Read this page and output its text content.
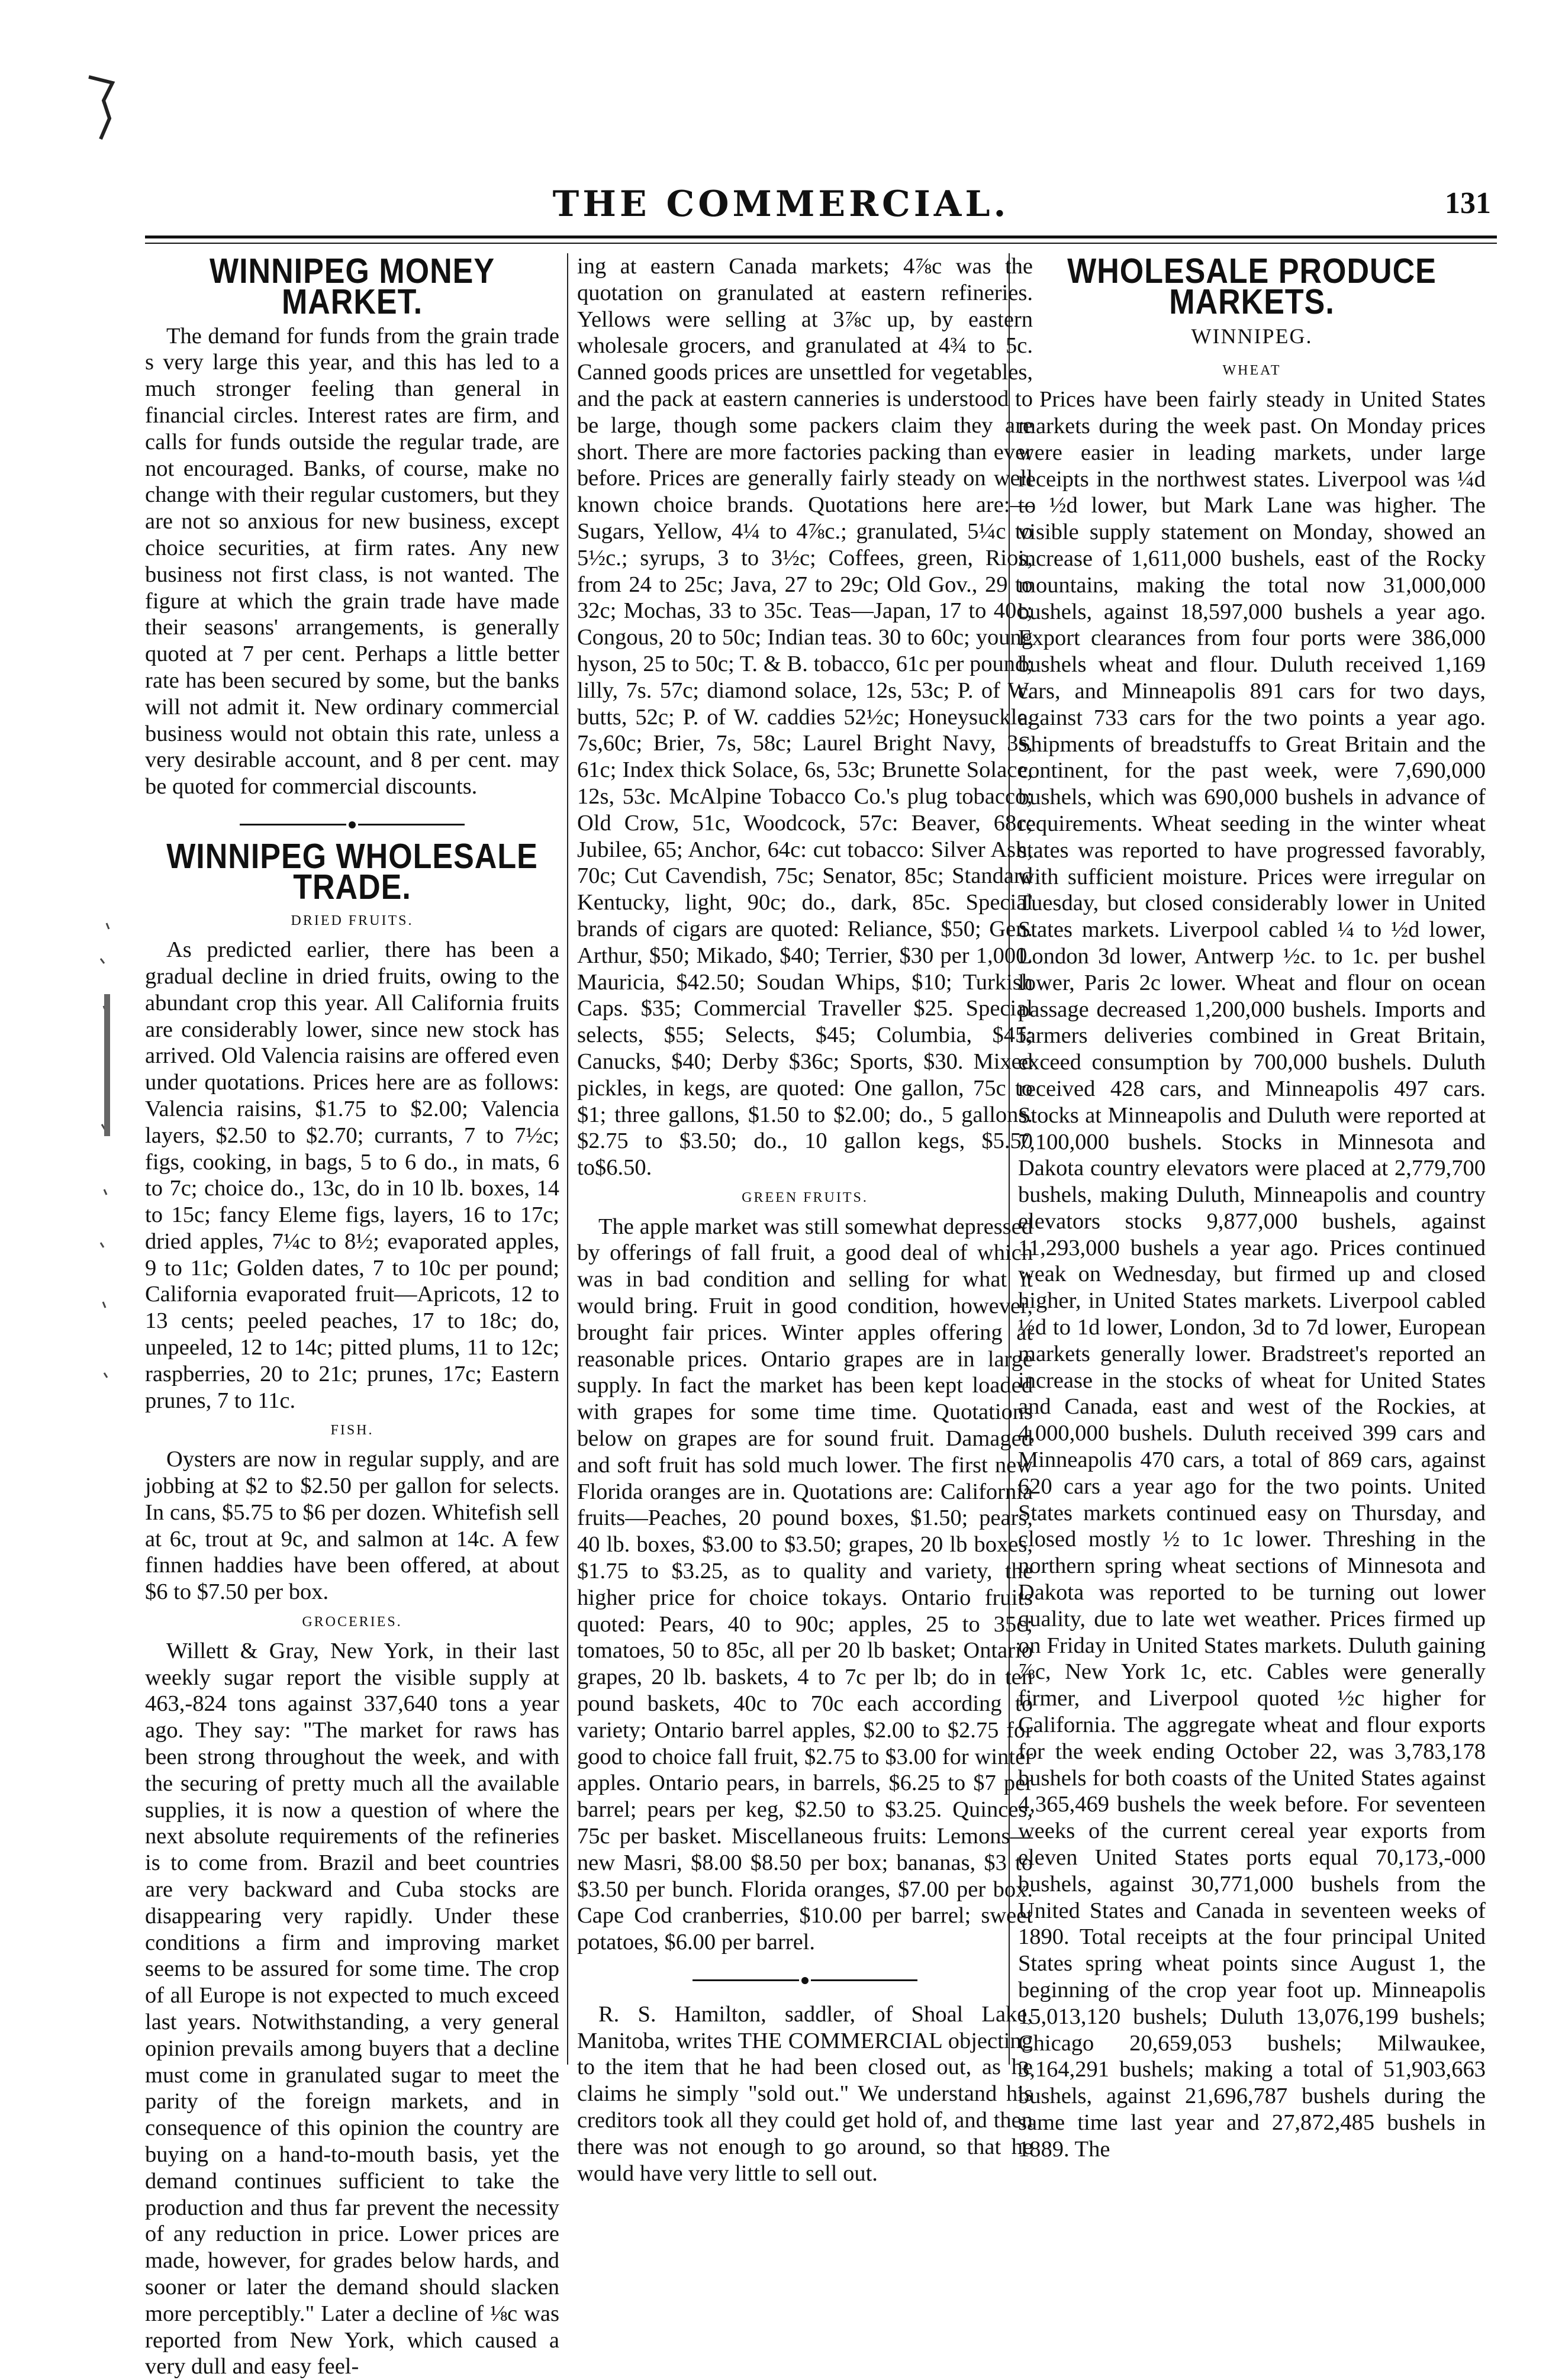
THE COMMERCIAL.	131
WINNIPEG MONEY MARKET.

The demand for funds from the grain trade s very large this year, and this has led to a much stronger feeling than general in financial circles. Interest rates are firm, and calls for funds outside the regular trade, are not encouraged. Banks, of course, make no change with their regular customers, but they are not so anxious for new business, except choice securities, at firm rates. Any new business not first class, is not wanted. The figure at which the grain trade have made their seasons' arrangements, is generally quoted at 7 per cent. Perhaps a little better rate has been secured by some, but the banks will not admit it. New ordinary commercial business would not obtain this rate, unless a very desirable account, and 8 per cent. may be quoted for commercial discounts.

WINNIPEG WHOLESALE TRADE.
DRIED FRUITS.

As predicted earlier, there has been a gradual decline in dried fruits, owing to the abundant crop this year. All California fruits are considerably lower, since new stock has arrived. Old Valencia raisins are offered even under quotations. Prices here are as follows: Valencia raisins, $1.75 to $2.00; Valencia layers, $2.50 to $2.70; currants, 7 to 7½c; figs, cooking, in bags, 5 to 6 do., in mats, 6 to 7c; choice do., 13c, do in 10 lb. boxes, 14 to 15c; fancy Eleme figs, layers, 16 to 17c; dried apples, 7¼c to 8½; evaporated apples, 9 to 11c; Golden dates, 7 to 10c per pound; California evaporated fruit—Apricots, 12 to 13 cents; peeled peaches, 17 to 18c; do, unpeeled, 12 to 14c; pitted plums, 11 to 12c; raspberries, 20 to 21c; prunes, 17c; Eastern prunes, 7 to 11c.

FISH.

Oysters are now in regular supply, and are jobbing at $2 to $2.50 per gallon for selects. In cans, $5.75 to $6 per dozen. Whitefish sell at 6c, trout at 9c, and salmon at 14c. A few finnen haddies have been offered, at about $6 to $7.50 per box.

GROCERIES.

Willett & Gray, New York, in their last weekly sugar report the visible supply at 463,-824 tons against 337,640 tons a year ago. They say: "The market for raws has been strong throughout the week, and with the securing of pretty much all the available supplies, it is now a question of where the next absolute requirements of the refineries is to come from. Brazil and beet countries are very backward and Cuba stocks are disappearing very rapidly. Under these conditions a firm and improving market seems to be assured for some time. The crop of all Europe is not expected to much exceed last years. Notwithstanding, a very general opinion prevails among buyers that a decline must come in granulated sugar to meet the parity of the foreign markets, and in consequence of this opinion the country are buying on a hand-to-mouth basis, yet the demand continues sufficient to take the production and thus far prevent the necessity of any reduction in price. Lower prices are made, however, for grades below hards, and sooner or later the demand should slacken more perceptibly." Later a decline of ⅛c was reported from New York, which caused a very dull and easy feel-

ing at eastern Canada markets; 4⅞c was the quotation on granulated at eastern refineries. Yellows were selling at 3⅞c up, by eastern wholesale grocers, and granulated at 4¾ to 5c. Canned goods prices are unsettled for vegetables, and the pack at eastern canneries is understood to be large, though some packers claim they are short. There are more factories packing than ever before. Prices are generally fairly steady on well known choice brands. Quotations here are:— Sugars, Yellow, 4¼ to 4⅞c.; granulated, 5¼c to 5½c.; syrups, 3 to 3½c; Coffees, green, Rios, from 24 to 25c; Java, 27 to 29c; Old Gov., 29 to 32c; Mochas, 33 to 35c. Teas—Japan, 17 to 40c; Congous, 20 to 50c; Indian teas. 30 to 60c; young hyson, 25 to 50c; T. & B. tobacco, 61c per pound; lilly, 7s. 57c; diamond solace, 12s, 53c; P. of W. butts, 52c; P. of W. caddies 52½c; Honeysuckle, 7s,60c; Brier, 7s, 58c; Laurel Bright Navy, 3s, 61c; Index thick Solace, 6s, 53c; Brunette Solace, 12s, 53c. McAlpine Tobacco Co.'s plug tobacco; Old Crow, 51c, Woodcock, 57c: Beaver, 68c; Jubilee, 65; Anchor, 64c: cut tobacco: Silver Ash, 70c; Cut Cavendish, 75c; Senator, 85c; Standard Kentucky, light, 90c; do., dark, 85c. Special brands of cigars are quoted: Reliance, $50; Gen. Arthur, $50; Mikado, $40; Terrier, $30 per 1,000. Mauricia, $42.50; Soudan Whips, $10; Turkish Caps. $35; Commercial Traveller $25. Special selects, $55; Selects, $45; Columbia, $45; Canucks, $40; Derby $36c; Sports, $30. Mixed pickles, in kegs, are quoted: One gallon, 75c to $1; three gallons, $1.50 to $2.00; do., 5 gallons. $2.75 to $3.50; do., 10 gallon kegs, $5.50 to$6.50.

GREEN FRUITS.

The apple market was still somewhat depressed by offerings of fall fruit, a good deal of which was in bad condition and selling for what it would bring. Fruit in good condition, however, brought fair prices. Winter apples offering at reasonable prices. Ontario grapes are in large supply. In fact the market has been kept loaded with grapes for some time time. Quotations below on grapes are for sound fruit. Damaged and soft fruit has sold much lower. The first new Florida oranges are in. Quotations are: California fruits—Peaches, 20 pound boxes, $1.50; pears, 40 lb. boxes, $3.00 to $3.50; grapes, 20 lb boxes, $1.75 to $3.25, as to quality and variety, the higher price for choice tokays. Ontario fruits quoted: Pears, 40 to 90c; apples, 25 to 35c; tomatoes, 50 to 85c, all per 20 lb basket; Ontario grapes, 20 lb. baskets, 4 to 7c per lb; do in ten pound baskets, 40c to 70c each according to variety; Ontario barrel apples, $2.00 to $2.75 for good to choice fall fruit, $2.75 to $3.00 for winter apples. Ontario pears, in barrels, $6.25 to $7 per barrel; pears per keg, $2.50 to $3.25. Quinces, 75c per basket. Miscellaneous fruits: Lemons—new Masri, $8.00 $8.50 per box; bananas, $3 to $3.50 per bunch. Florida oranges, $7.00 per box. Cape Cod cranberries, $10.00 per barrel; sweet potatoes, $6.00 per barrel.

R. S. Hamilton, saddler, of Shoal Lake, Manitoba, writes THE COMMERCIAL objecting to the item that he had been closed out, as he claims he simply "sold out." We understand his creditors took all they could get hold of, and then there was not enough to go around, so that he would have very little to sell out.

WHOLESALE PRODUCE MARKETS.
WINNIPEG.
WHEAT

Prices have been fairly steady in United States markets during the week past. On Monday prices were easier in leading markets, under large receipts in the northwest states. Liverpool was ¼d to ½d lower, but Mark Lane was higher. The visible supply statement on Monday, showed an increase of 1,611,000 bushels, east of the Rocky mountains, making the total now 31,000,000 bushels, against 18,597,000 bushels a year ago. Export clearances from four ports were 386,000 bushels wheat and flour. Duluth received 1,169 cars, and Minneapolis 891 cars for two days, against 733 cars for the two points a year ago. Shipments of breadstuffs to Great Britain and the continent, for the past week, were 7,690,000 bushels, which was 690,000 bushels in advance of requirements. Wheat seeding in the winter wheat states was reported to have progressed favorably, with sufficient moisture. Prices were irregular on Tuesday, but closed considerably lower in United States markets. Liverpool cabled ¼ to ½d lower, London 3d lower, Antwerp ½c. to 1c. per bushel lower, Paris 2c lower. Wheat and flour on ocean passage decreased 1,200,000 bushels. Imports and farmers deliveries combined in Great Britain, exceed consumption by 700,000 bushels. Duluth received 428 cars, and Minneapolis 497 cars. Stocks at Minneapolis and Duluth were reported at 7,100,000 bushels. Stocks in Minnesota and Dakota country elevators were placed at 2,779,700 bushels, making Duluth, Minneapolis and country elevators stocks 9,877,000 bushels, against 11,293,000 bushels a year ago. Prices continued weak on Wednesday, but firmed up and closed higher, in United States markets. Liverpool cabled ½d to 1d lower, London, 3d to 7d lower, European markets generally lower. Bradstreet's reported an increase in the stocks of wheat for United States and Canada, east and west of the Rockies, at 4,000,000 bushels. Duluth received 399 cars and Minneapolis 470 cars, a total of 869 cars, against 620 cars a year ago for the two points. United States markets continued easy on Thursday, and closed mostly ½ to 1c lower. Threshing in the northern spring wheat sections of Minnesota and Dakota was reported to be turning out lower quality, due to late wet weather. Prices firmed up on Friday in United States markets. Duluth gaining ⅞c, New York 1c, etc. Cables were generally firmer, and Liverpool quoted ½c higher for California. The aggregate wheat and flour exports for the week ending October 22, was 3,783,178 bushels for both coasts of the United States against 4,365,469 bushels the week before. For seventeen weeks of the current cereal year exports from eleven United States ports equal 70,173,-000 bushels, against 30,771,000 bushels from the United States and Canada in seventeen weeks of 1890. Total receipts at the four principal United States spring wheat points since August 1, the beginning of the crop year foot up. Minneapolis 15,013,120 bushels; Duluth 13,076,199 bushels; Chicago 20,659,053 bushels; Milwaukee, 3,164,291 bushels; making a total of 51,903,663 bushels, against 21,696,787 bushels during the same time last year and 27,872,485 bushels in 1889. The
